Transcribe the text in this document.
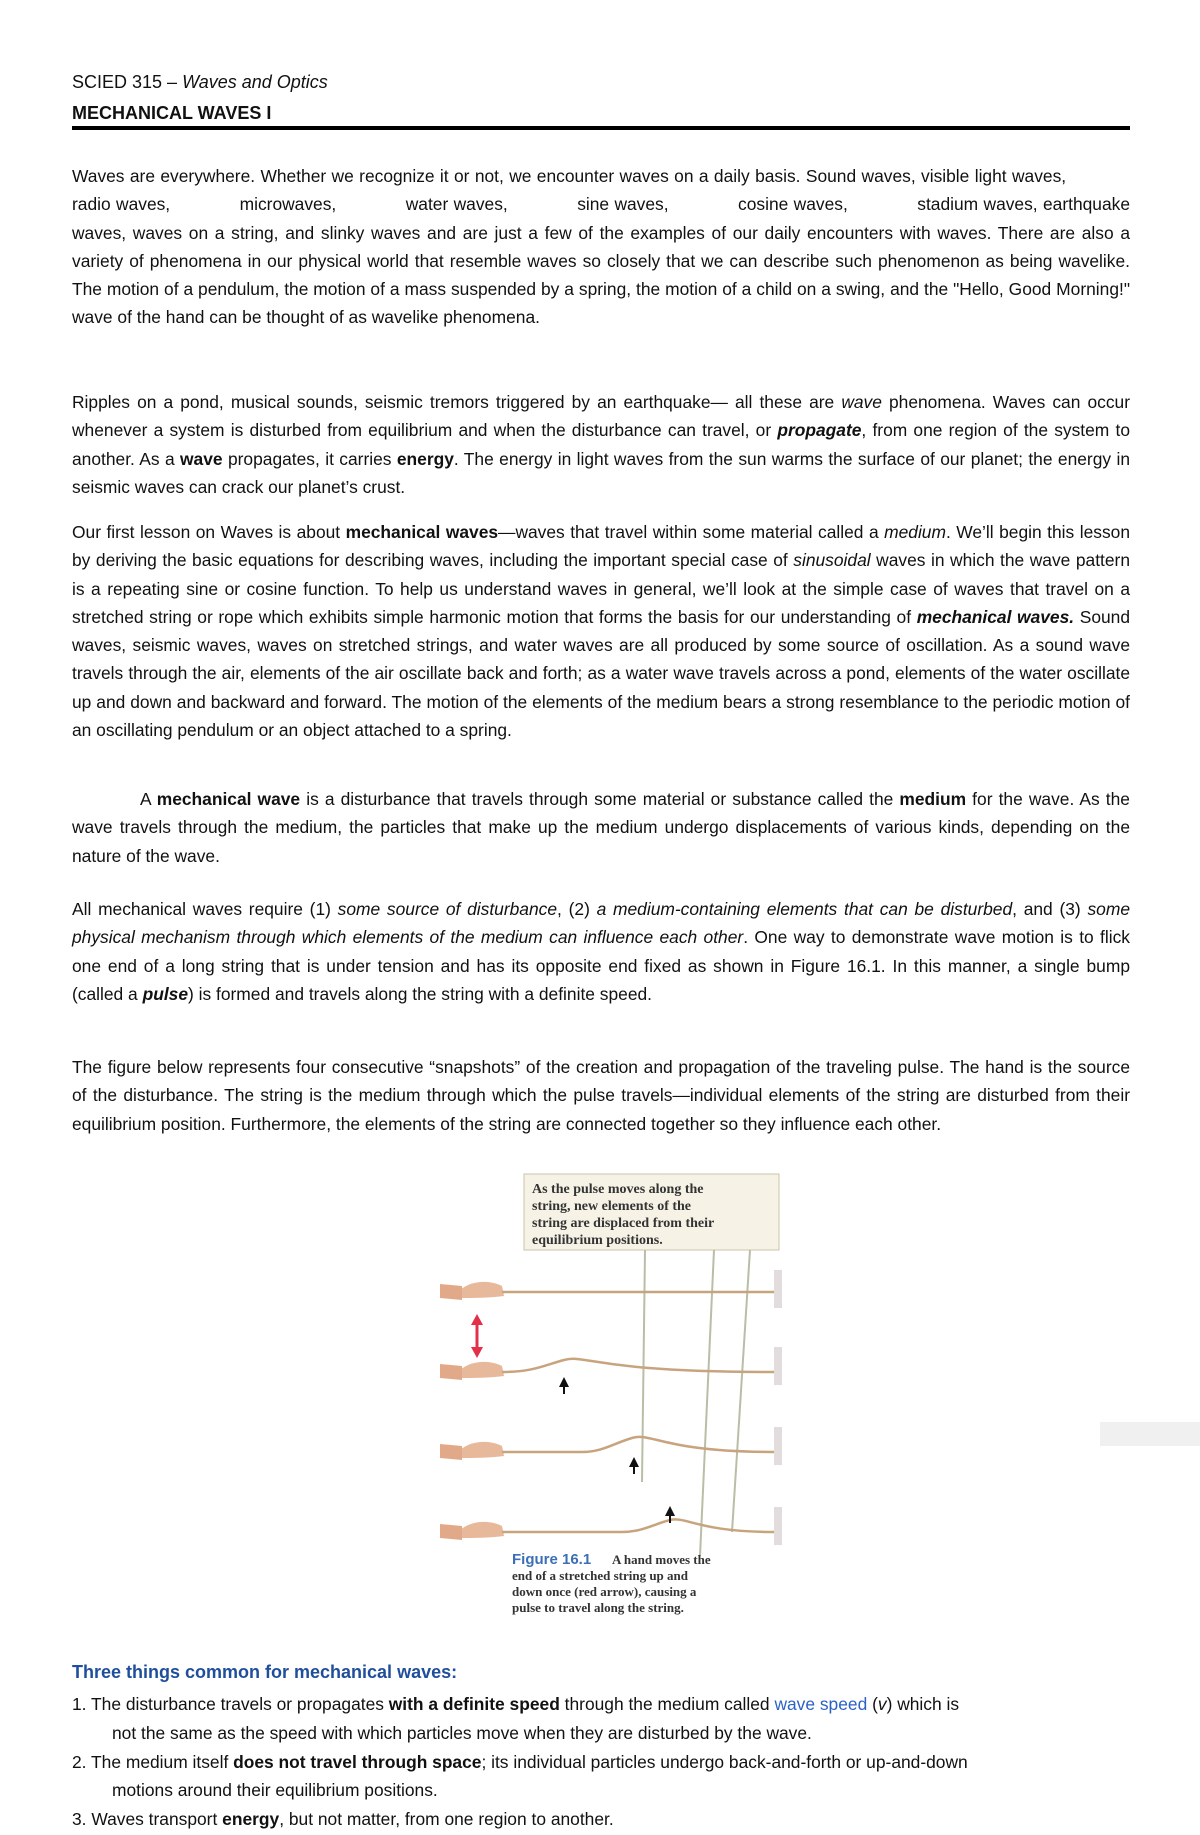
SCIED 315 – Waves and Optics
MECHANICAL WAVES I

Waves are everywhere. Whether we recognize it or not, we encounter waves on a daily basis. Sound waves, visible light waves,             radio waves,             microwaves,             water waves,             sine waves,             cosine waves,             stadium waves, earthquake waves, waves on a string, and slinky waves and are just a few of the examples of our daily encounters with waves. There are also a variety of phenomena in our physical world that resemble waves so closely that we can describe such phenomenon as being wavelike. The motion of a pendulum, the motion of a mass suspended by a spring, the motion of a child on a swing, and the "Hello, Good Morning!" wave of the hand can be thought of as wavelike phenomena.

Ripples on a pond, musical sounds, seismic tremors triggered by an earthquake— all these are wave phenomena. Waves can occur whenever a system is disturbed from equilibrium and when the disturbance can travel, or propagate, from one region of the system to another. As a wave propagates, it carries energy. The energy in light waves from the sun warms the surface of our planet; the energy in seismic waves can crack our planet’s crust.

Our first lesson on Waves is about mechanical waves—waves that travel within some material called a medium. We’ll begin this lesson by deriving the basic equations for describing waves, including the important special case of sinusoidal waves in which the wave pattern is a repeating sine or cosine function. To help us understand waves in general, we’ll look at the simple case of waves that travel on a stretched string or rope which exhibits simple harmonic motion that forms the basis for our understanding of mechanical waves. Sound waves, seismic waves, waves on stretched strings, and water waves are all produced by some source of oscillation. As a sound wave travels through the air, elements of the air oscillate back and forth; as a water wave travels across a pond, elements of the water oscillate up and down and backward and forward. The motion of the elements of the medium bears a strong resemblance to the periodic motion of an oscillating pendulum or an object attached to a spring.

A mechanical wave is a disturbance that travels through some material or substance called the medium for the wave. As the wave travels through the medium, the particles that make up the medium undergo displacements of various kinds, depending on the nature of the wave.

All mechanical waves require (1) some source of disturbance, (2) a medium-containing elements that can be disturbed, and (3) some physical mechanism through which elements of the medium can influence each other. One way to demonstrate wave motion is to flick one end of a long string that is under tension and has its opposite end fixed as shown in Figure 16.1. In this manner, a single bump (called a pulse) is formed and travels along the string with a definite speed.

The figure below represents four consecutive “snapshots” of the creation and propagation of the traveling pulse. The hand is the source of the disturbance. The string is the medium through which the pulse travels—individual elements of the string are disturbed from their equilibrium position. Furthermore, the elements of the string are connected together so they influence each other.

As the pulse moves along the
string, new elements of the
string are displaced from their
equilibrium positions.
Figure 16.1 A hand moves the
end of a stretched string up and
down once (red arrow), causing a
pulse to travel along the string.
Three things common for mechanical waves:
1. The disturbance travels or propagates with a definite speed through the medium called wave speed (v) which is
not the same as the speed with which particles move when they are disturbed by the wave.
2. The medium itself does not travel through space; its individual particles undergo back-and-forth or up-and-down
motions around their equilibrium positions.
3. Waves transport energy, but not matter, from one region to another.
